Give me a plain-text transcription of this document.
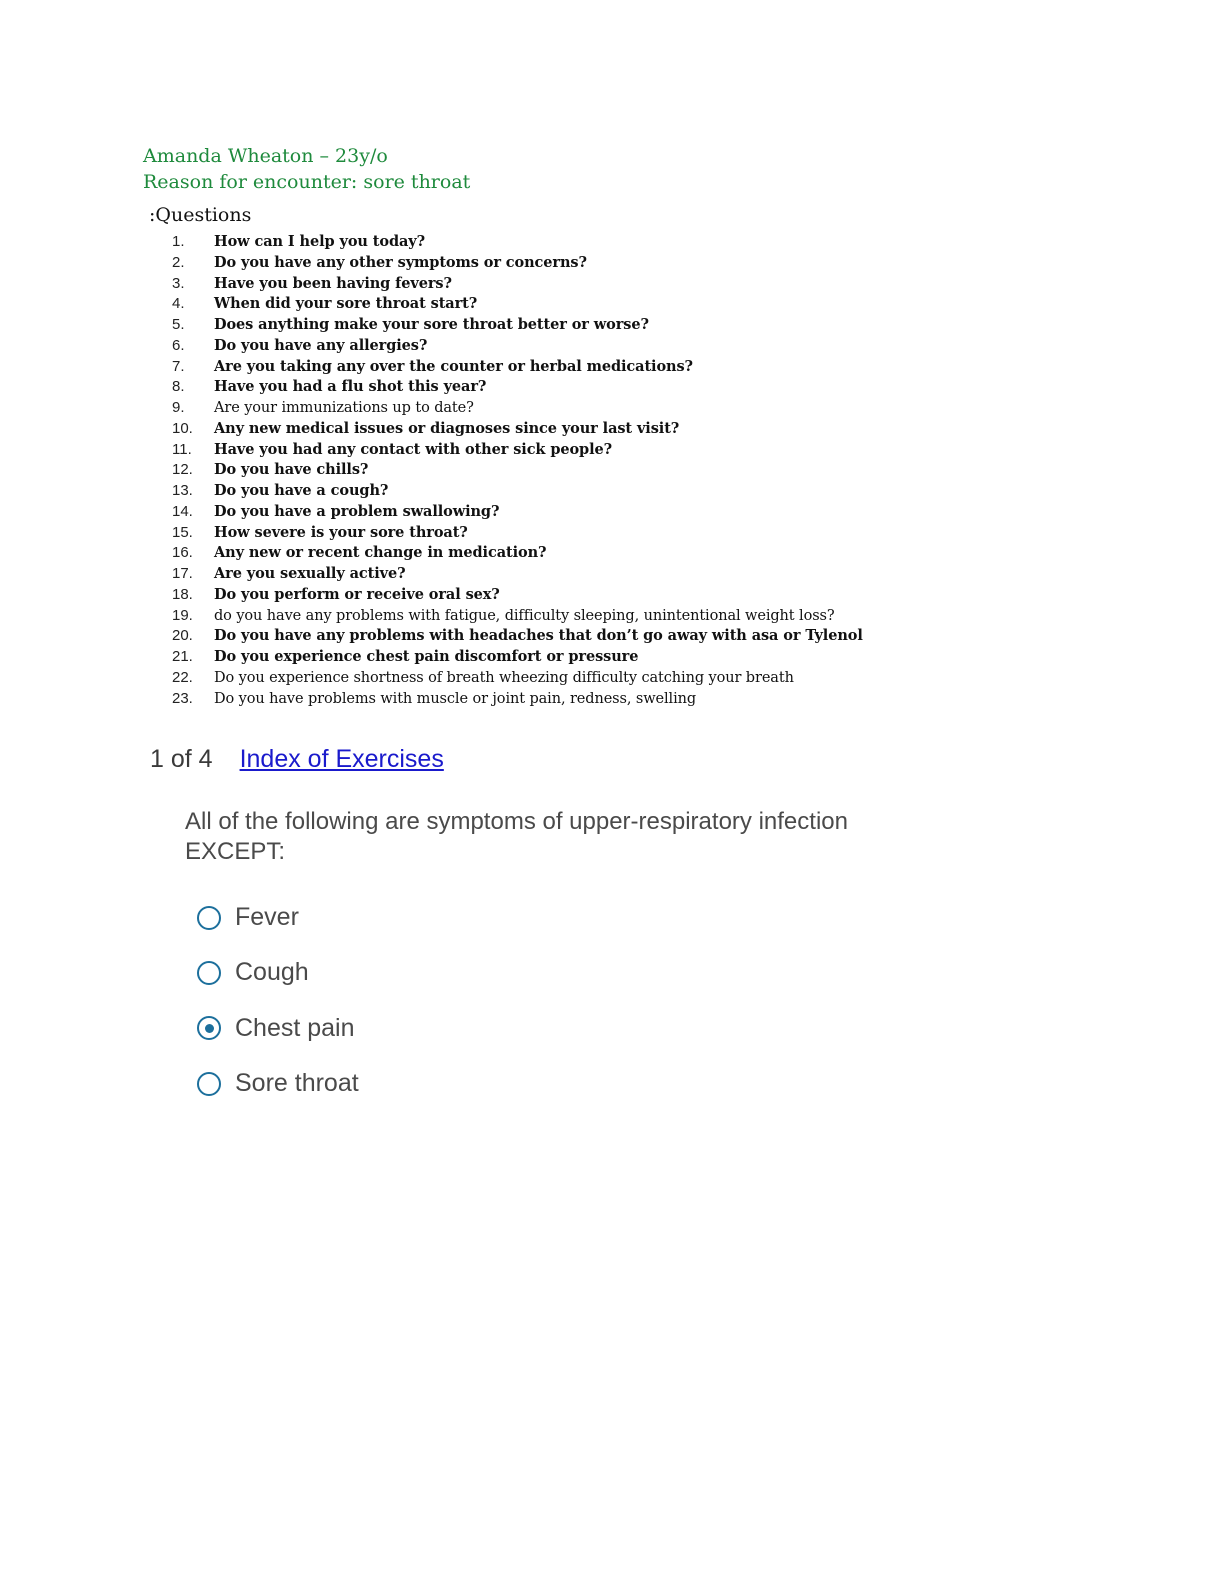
Amanda Wheaton – 23y/o
Reason for encounter: sore throat
:Questions
1.	How can I help you today?
2.	Do you have any other symptoms or concerns?
3.	Have you been having fevers?
4.	When did your sore throat start?
5.	Does anything make your sore throat better or worse?
6.	Do you have any allergies?
7.	Are you taking any over the counter or herbal medications?
8.	Have you had a flu shot this year?
9.	Are your immunizations up to date?
10.	Any new medical issues or diagnoses since your last visit?
11.	Have you had any contact with other sick people?
12.	Do you have chills?
13.	Do you have a cough?
14.	Do you have a problem swallowing?
15.	How severe is your sore throat?
16.	Any new or recent change in medication?
17.	Are you sexually active?
18.	Do you perform or receive oral sex?
19.	do you have any problems with fatigue, difficulty sleeping, unintentional weight loss?
20.	Do you have any problems with headaches that don’t go away with asa or Tylenol
21.	Do you experience chest pain discomfort or pressure
22.	Do you experience shortness of breath wheezing difficulty catching your breath
23.	Do you have problems with muscle or joint pain, redness, swelling
1 of 4 Index of Exercises
All of the following are symptoms of upper-respiratory infection EXCEPT:
Fever
Cough
Chest pain
Sore throat
